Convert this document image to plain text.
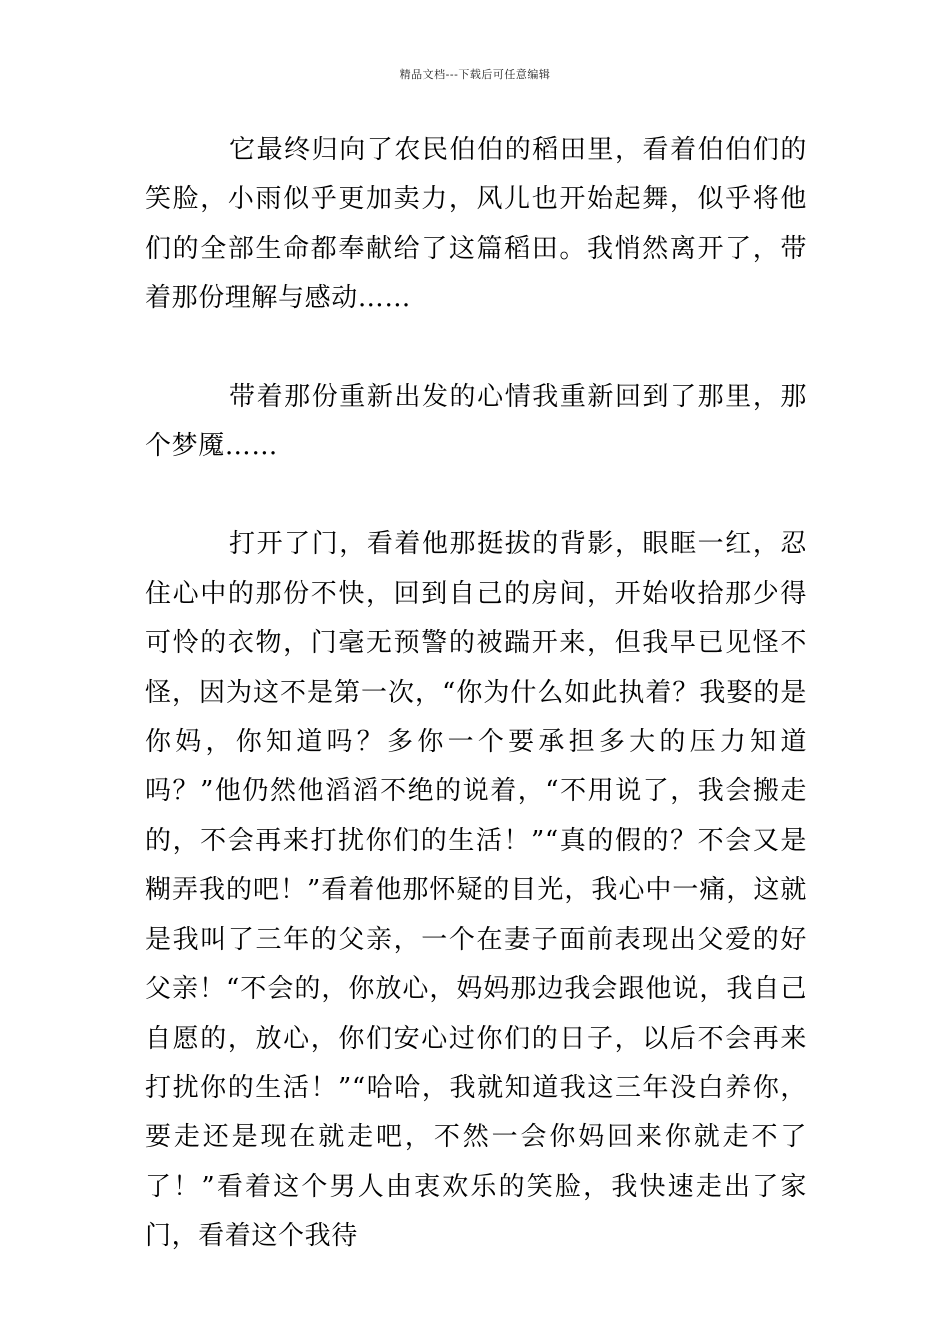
精品文档---下载后可任意编辑

它最终归向了农民伯伯的稻田里，看着伯伯们的笑脸，小雨似乎更加卖力，风儿也开始起舞，似乎将他们的全部生命都奉献给了这篇稻田。我悄然离开了，带着那份理解与感动……

带着那份重新出发的心情我重新回到了那里，那个梦魇……

打开了门，看着他那挺拔的背影，眼眶一红，忍住心中的那份不快，回到自己的房间，开始收拾那少得可怜的衣物，门毫无预警的被踹开来，但我早已见怪不怪，因为这不是第一次，“你为什么如此执着？我娶的是你妈，你知道吗？多你一个要承担多大的压力知道吗？”他仍然他滔滔不绝的说着，“不用说了，我会搬走的，不会再来打扰你们的生活！”“真的假的？不会又是糊弄我的吧！”看着他那怀疑的目光，我心中一痛，这就是我叫了三年的父亲，一个在妻子面前表现出父爱的好父亲！“不会的，你放心，妈妈那边我会跟他说，我自己自愿的，放心，你们安心过你们的日子，以后不会再来打扰你的生活！”“哈哈，我就知道我这三年没白养你，要走还是现在就走吧，不然一会你妈回来你就走不了了！”看着这个男人由衷欢乐的笑脸，我快速走出了家门，看着这个我待
